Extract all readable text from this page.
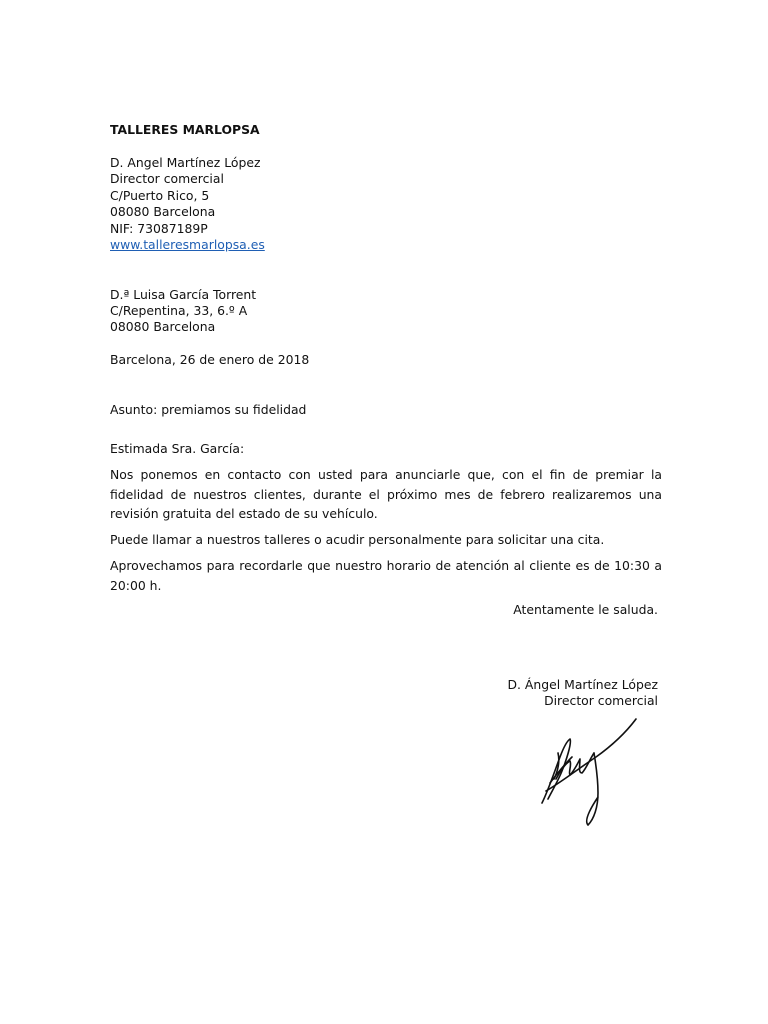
TALLERES MARLOPSA
D. Angel Martínez López
Director comercial
C/Puerto Rico, 5
08080 Barcelona
NIF: 73087189P
www.talleresmarlopsa.es
D.ª Luisa García Torrent
C/Repentina, 33, 6.º A
08080 Barcelona
Barcelona, 26 de enero de 2018
Asunto: premiamos su fidelidad
Estimada Sra. García:
Nos ponemos en contacto con usted para anunciarle que, con el fin de premiar la fidelidad de nuestros clientes, durante el próximo mes de febrero realizaremos una revisión gratuita del estado de su vehículo.
Puede llamar a nuestros talleres o acudir personalmente para solicitar una cita.
Aprovechamos para recordarle que nuestro horario de atención al cliente es de 10:30 a 20:00 h.
Atentamente le saluda.
D. Ángel Martínez López
Director comercial
